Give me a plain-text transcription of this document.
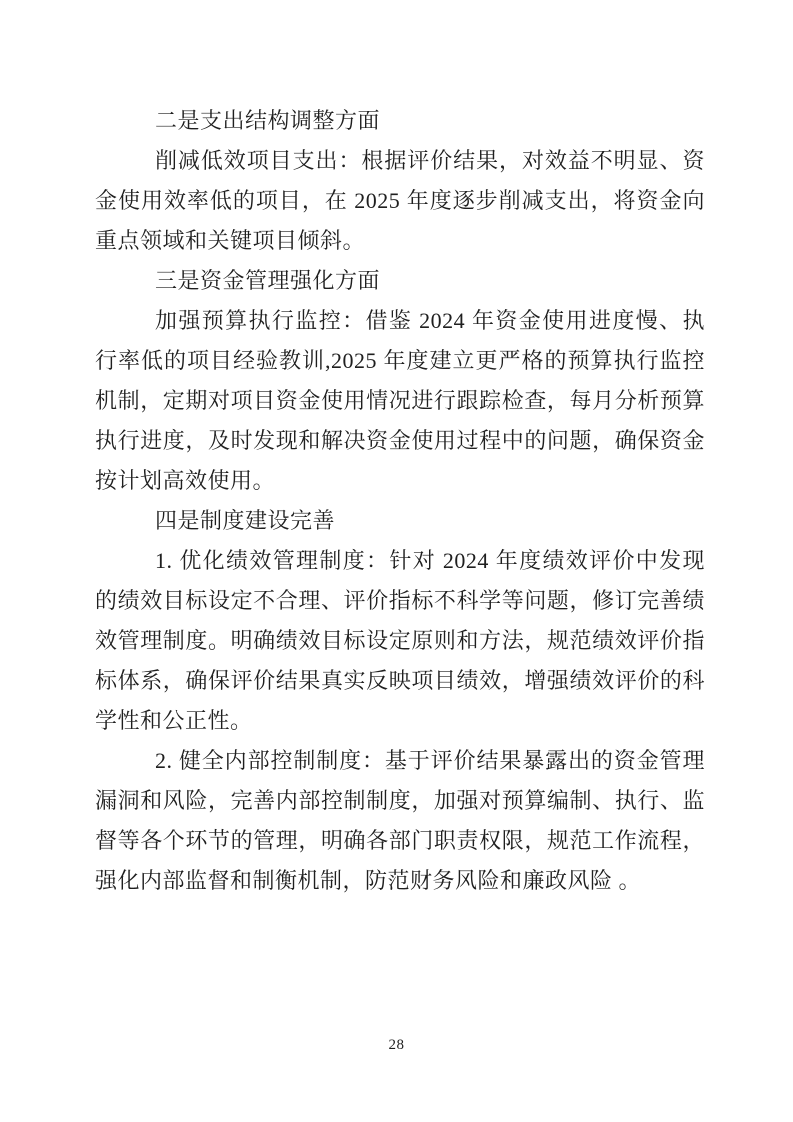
二是支出结构调整方面
削减低效项目支出：根据评价结果，对效益不明显、资金使用效率低的项目，在 2025 年度逐步削减支出，将资金向重点领域和关键项目倾斜。
三是资金管理强化方面
加强预算执行监控：借鉴 2024 年资金使用进度慢、执行率低的项目经验教训,2025 年度建立更严格的预算执行监控机制，定期对项目资金使用情况进行跟踪检查，每月分析预算执行进度，及时发现和解决资金使用过程中的问题，确保资金按计划高效使用。
四是制度建设完善
1. 优化绩效管理制度：针对 2024 年度绩效评价中发现的绩效目标设定不合理、评价指标不科学等问题，修订完善绩效管理制度。明确绩效目标设定原则和方法，规范绩效评价指标体系，确保评价结果真实反映项目绩效，增强绩效评价的科学性和公正性。
2. 健全内部控制制度：基于评价结果暴露出的资金管理漏洞和风险，完善内部控制制度，加强对预算编制、执行、监督等各个环节的管理，明确各部门职责权限，规范工作流程，强化内部监督和制衡机制，防范财务风险和廉政风险 。
28
